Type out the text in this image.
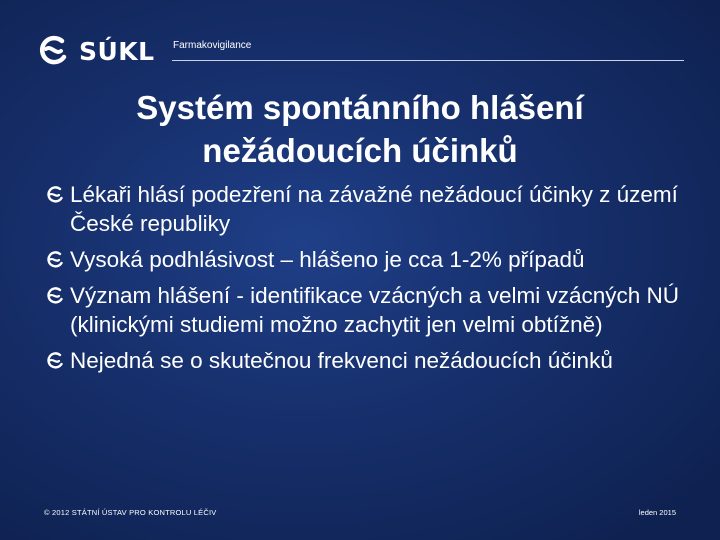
SÚKL Farmakovigilance
Systém spontánního hlášení
nežádoucích účinků
Lékaři hlásí podezření na závažné nežádoucí účinky z území České republiky
Vysoká podhlásivost – hlášeno je cca 1-2% případů
Význam hlášení - identifikace vzácných a velmi vzácných NÚ (klinickými studiemi možno zachytit jen velmi obtížně)
Nejedná se o skutečnou frekvenci nežádoucích účinků
© 2012 STÁTNÍ ÚSTAV PRO KONTROLU LÉČIV	leden 2015
